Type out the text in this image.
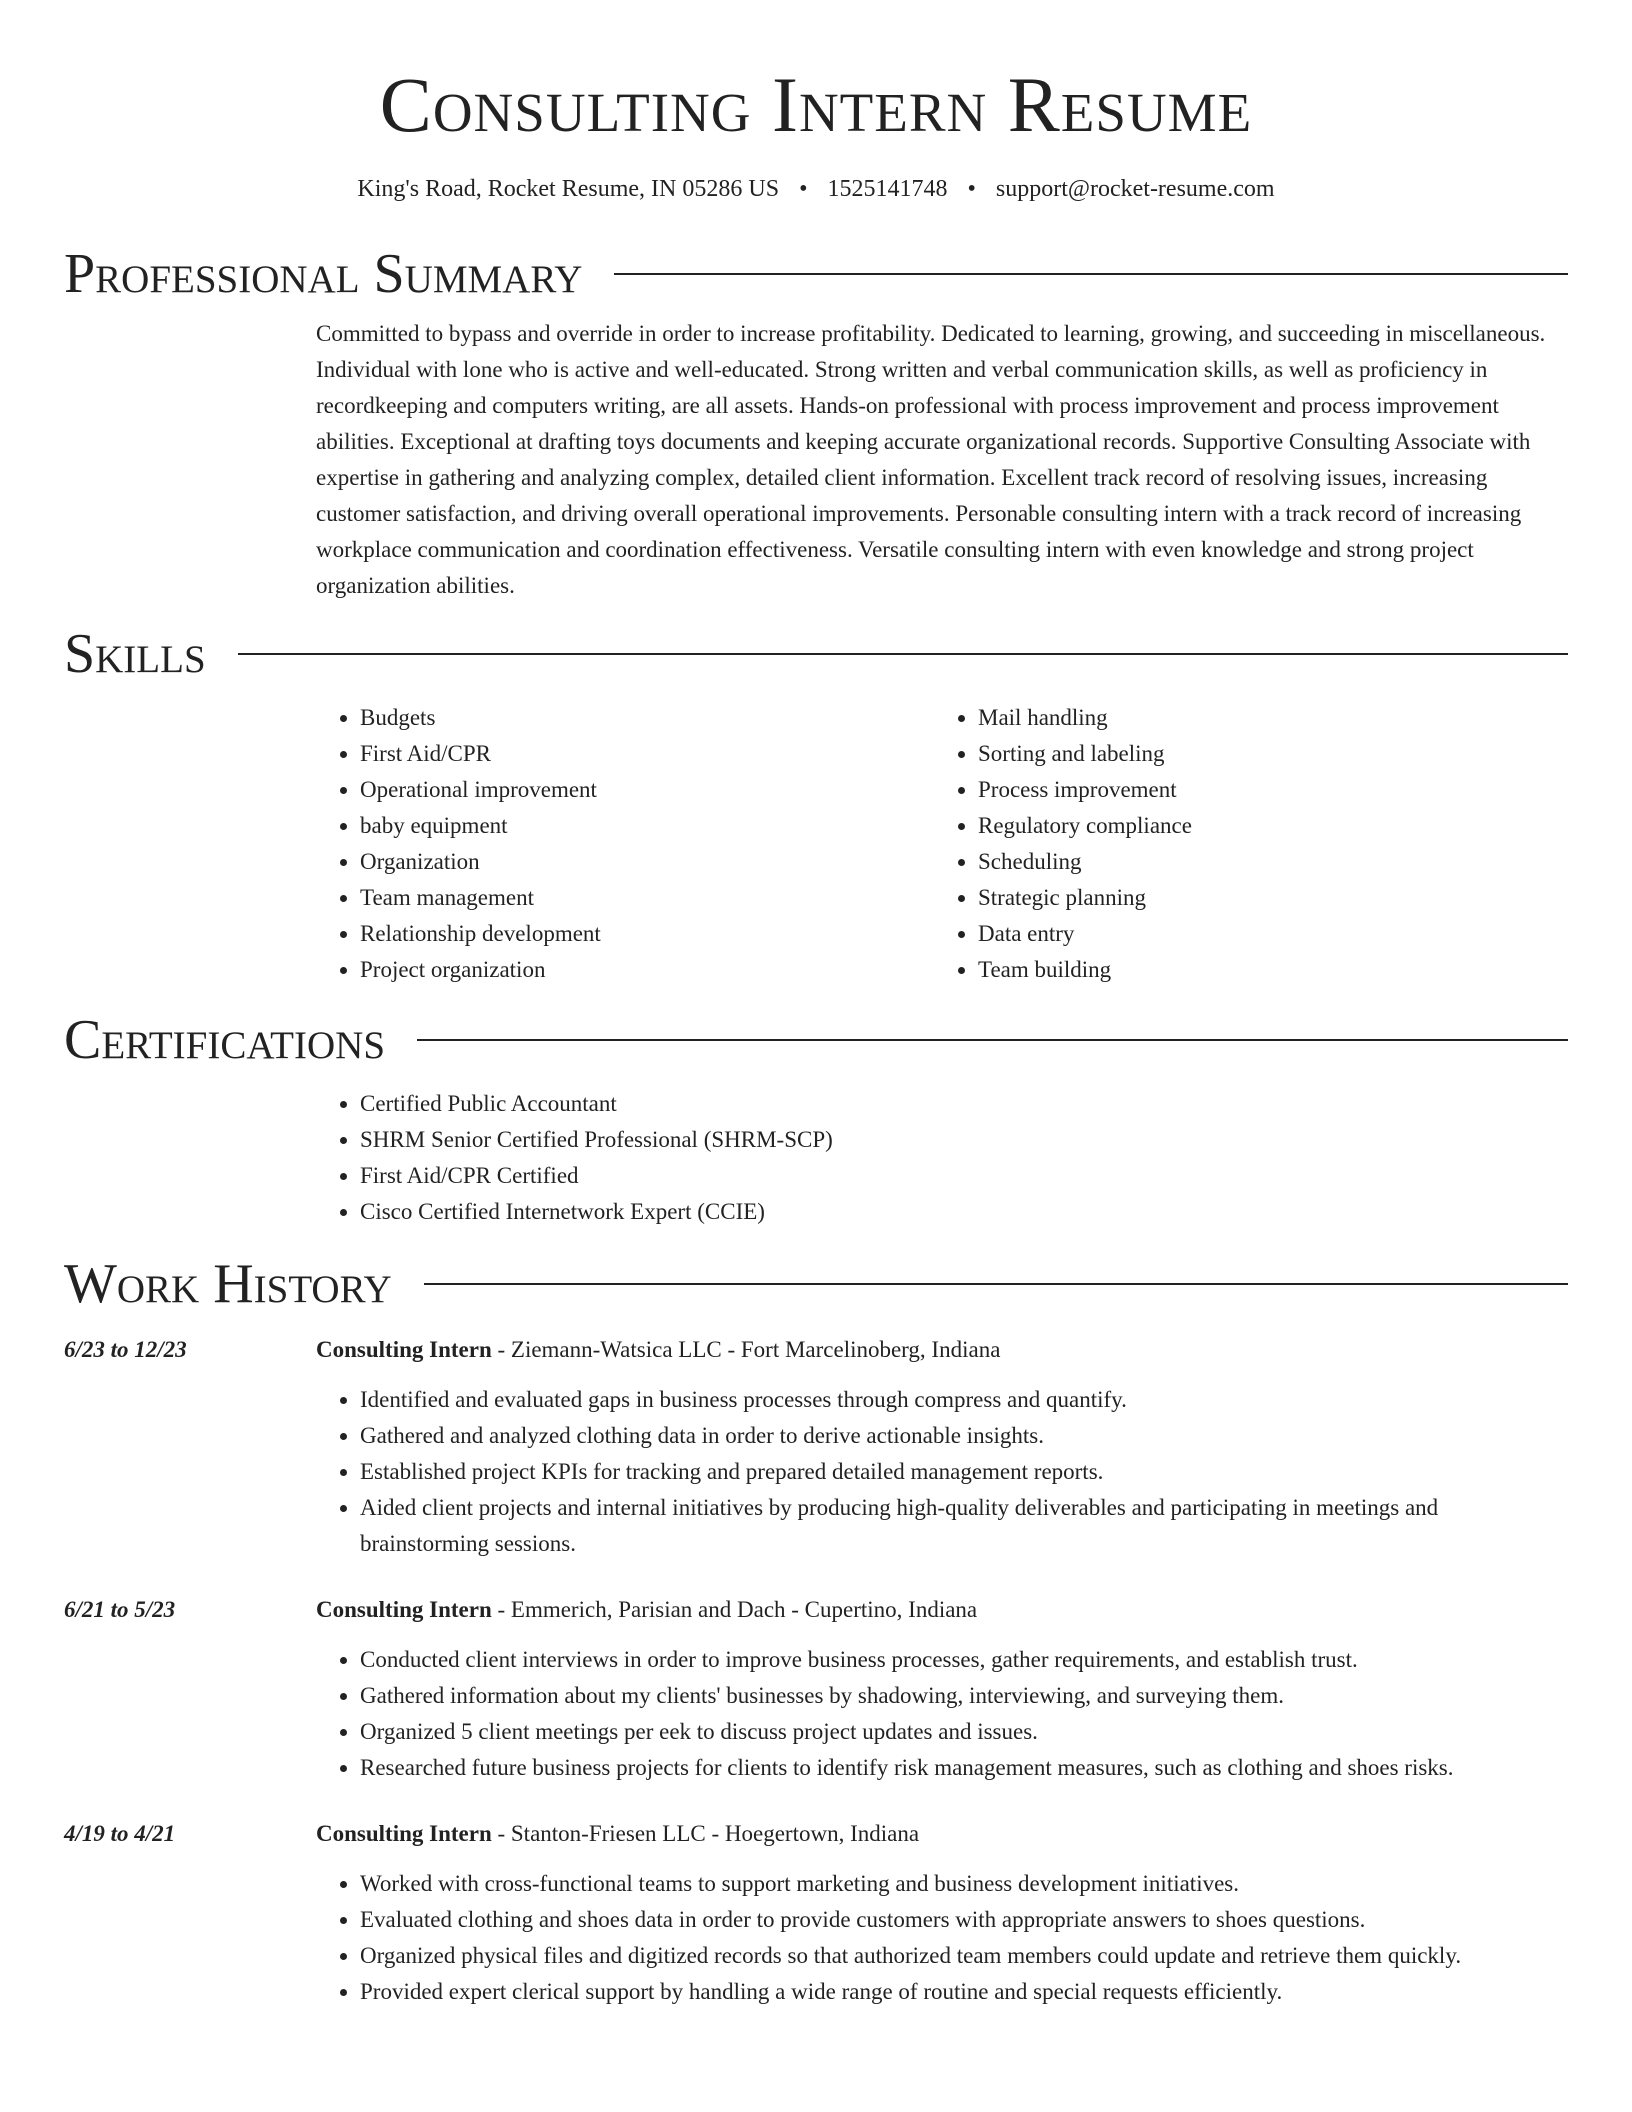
Consulting Intern Resume
King's Road, Rocket Resume, IN 05286 US • 1525141748 • support@rocket-resume.com
Professional Summary

Committed to bypass and override in order to increase profitability. Dedicated to learning, growing, and succeeding in miscellaneous. Individual with lone who is active and well-educated. Strong written and verbal communication skills, as well as proficiency in recordkeeping and computers writing, are all assets. Hands-on professional with process improvement and process improvement abilities. Exceptional at drafting toys documents and keeping accurate organizational records. Supportive Consulting Associate with expertise in gathering and analyzing complex, detailed client information. Excellent track record of resolving issues, increasing customer satisfaction, and driving overall operational improvements. Personable consulting intern with a track record of increasing workplace communication and coordination effectiveness. Versatile consulting intern with even knowledge and strong project organization abilities.

Skills
• Budgets
• First Aid/CPR
• Operational improvement
• baby equipment
• Organization
• Team management
• Relationship development
• Project organization
• Mail handling
• Sorting and labeling
• Process improvement
• Regulatory compliance
• Scheduling
• Strategic planning
• Data entry
• Team building
Certifications
• Certified Public Accountant
• SHRM Senior Certified Professional (SHRM-SCP)
• First Aid/CPR Certified
• Cisco Certified Internetwork Expert (CCIE)
Work History
6/23 to 12/23	Consulting Intern - Ziemann-Watsica LLC - Fort Marcelinoberg, Indiana
• Identified and evaluated gaps in business processes through compress and quantify.
• Gathered and analyzed clothing data in order to derive actionable insights.
• Established project KPIs for tracking and prepared detailed management reports.
• Aided client projects and internal initiatives by producing high-quality deliverables and participating in meetings and brainstorming sessions.
6/21 to 5/23	Consulting Intern - Emmerich, Parisian and Dach - Cupertino, Indiana
• Conducted client interviews in order to improve business processes, gather requirements, and establish trust.
• Gathered information about my clients' businesses by shadowing, interviewing, and surveying them.
• Organized 5 client meetings per eek to discuss project updates and issues.
• Researched future business projects for clients to identify risk management measures, such as clothing and shoes risks.
4/19 to 4/21	Consulting Intern - Stanton-Friesen LLC - Hoegertown, Indiana
• Worked with cross-functional teams to support marketing and business development initiatives.
• Evaluated clothing and shoes data in order to provide customers with appropriate answers to shoes questions.
• Organized physical files and digitized records so that authorized team members could update and retrieve them quickly.
• Provided expert clerical support by handling a wide range of routine and special requests efficiently.
